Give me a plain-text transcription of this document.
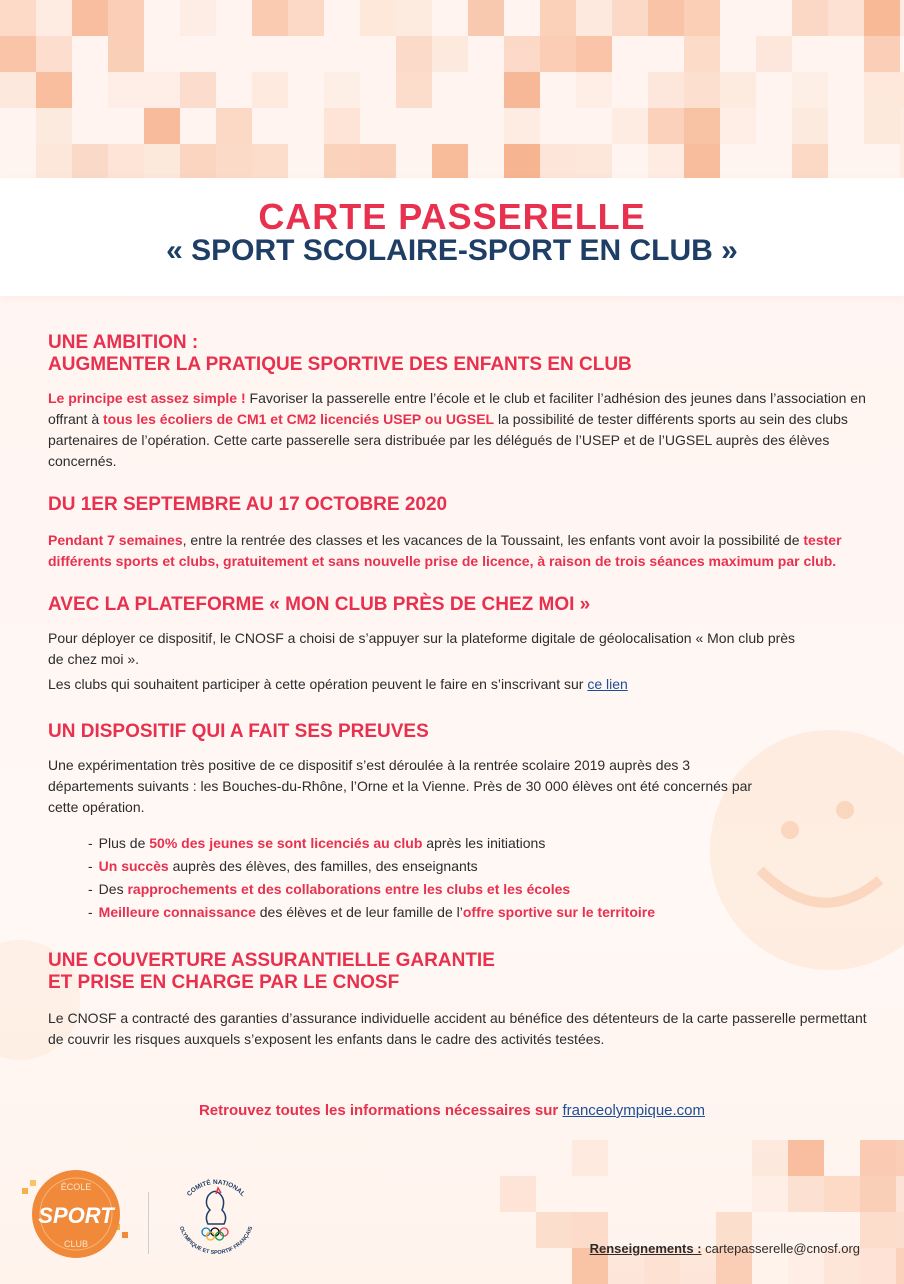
CARTE PASSERELLE
« SPORT SCOLAIRE-SPORT EN CLUB »
UNE AMBITION :
AUGMENTER LA PRATIQUE SPORTIVE DES ENFANTS EN CLUB

Le principe est assez simple ! Favoriser la passerelle entre l’école et le club et faciliter l’adhésion des jeunes dans l’association en offrant à tous les écoliers de CM1 et CM2 licenciés USEP ou UGSEL la possibilité de tester différents sports au sein des clubs partenaires de l’opération. Cette carte passerelle sera distribuée par les délégués de l’USEP et de l’UGSEL auprès des élèves concernés.

DU 1ER SEPTEMBRE AU 17 OCTOBRE 2020

Pendant 7 semaines, entre la rentrée des classes et les vacances de la Toussaint, les enfants vont avoir la possibilité de tester différents sports et clubs, gratuitement et sans nouvelle prise de licence, à raison de trois séances maximum par club.

AVEC LA PLATEFORME « MON CLUB PRÈS DE CHEZ MOI »

Pour déployer ce dispositif, le CNOSF a choisi de s’appuyer sur la plateforme digitale de géolocalisation « Mon club près de chez moi ».

Les clubs qui souhaitent participer à cette opération peuvent le faire en s’inscrivant sur ce lien

UN DISPOSITIF QUI A FAIT SES PREUVES

Une expérimentation très positive de ce dispositif s’est déroulée à la rentrée scolaire 2019 auprès des 3 départements suivants : les Bouches-du-Rhône, l’Orne et la Vienne. Près de 30 000 élèves ont été concernés par cette opération.

- Plus de 50% des jeunes se sont licenciés au club après les initiations
- Un succès auprès des élèves, des familles, des enseignants
- Des rapprochements et des collaborations entre les clubs et les écoles
- Meilleure connaissance des élèves et de leur famille de l’offre sportive sur le territoire
UNE COUVERTURE ASSURANTIELLE GARANTIE
ET PRISE EN CHARGE PAR LE CNOSF

Le CNOSF a contracté des garanties d’assurance individuelle accident au bénéfice des détenteurs de la carte passerelle permettant de couvrir les risques auxquels s’exposent les enfants dans le cadre des activités testées.

Retrouvez toutes les informations nécessaires sur franceolympique.com
ÉCOLE
SPORT
CLUB
COMITÉ NATIONAL
OLYMPIQUE ET SPORTIF FRANÇAIS
Renseignements : cartepasserelle@cnosf.org
